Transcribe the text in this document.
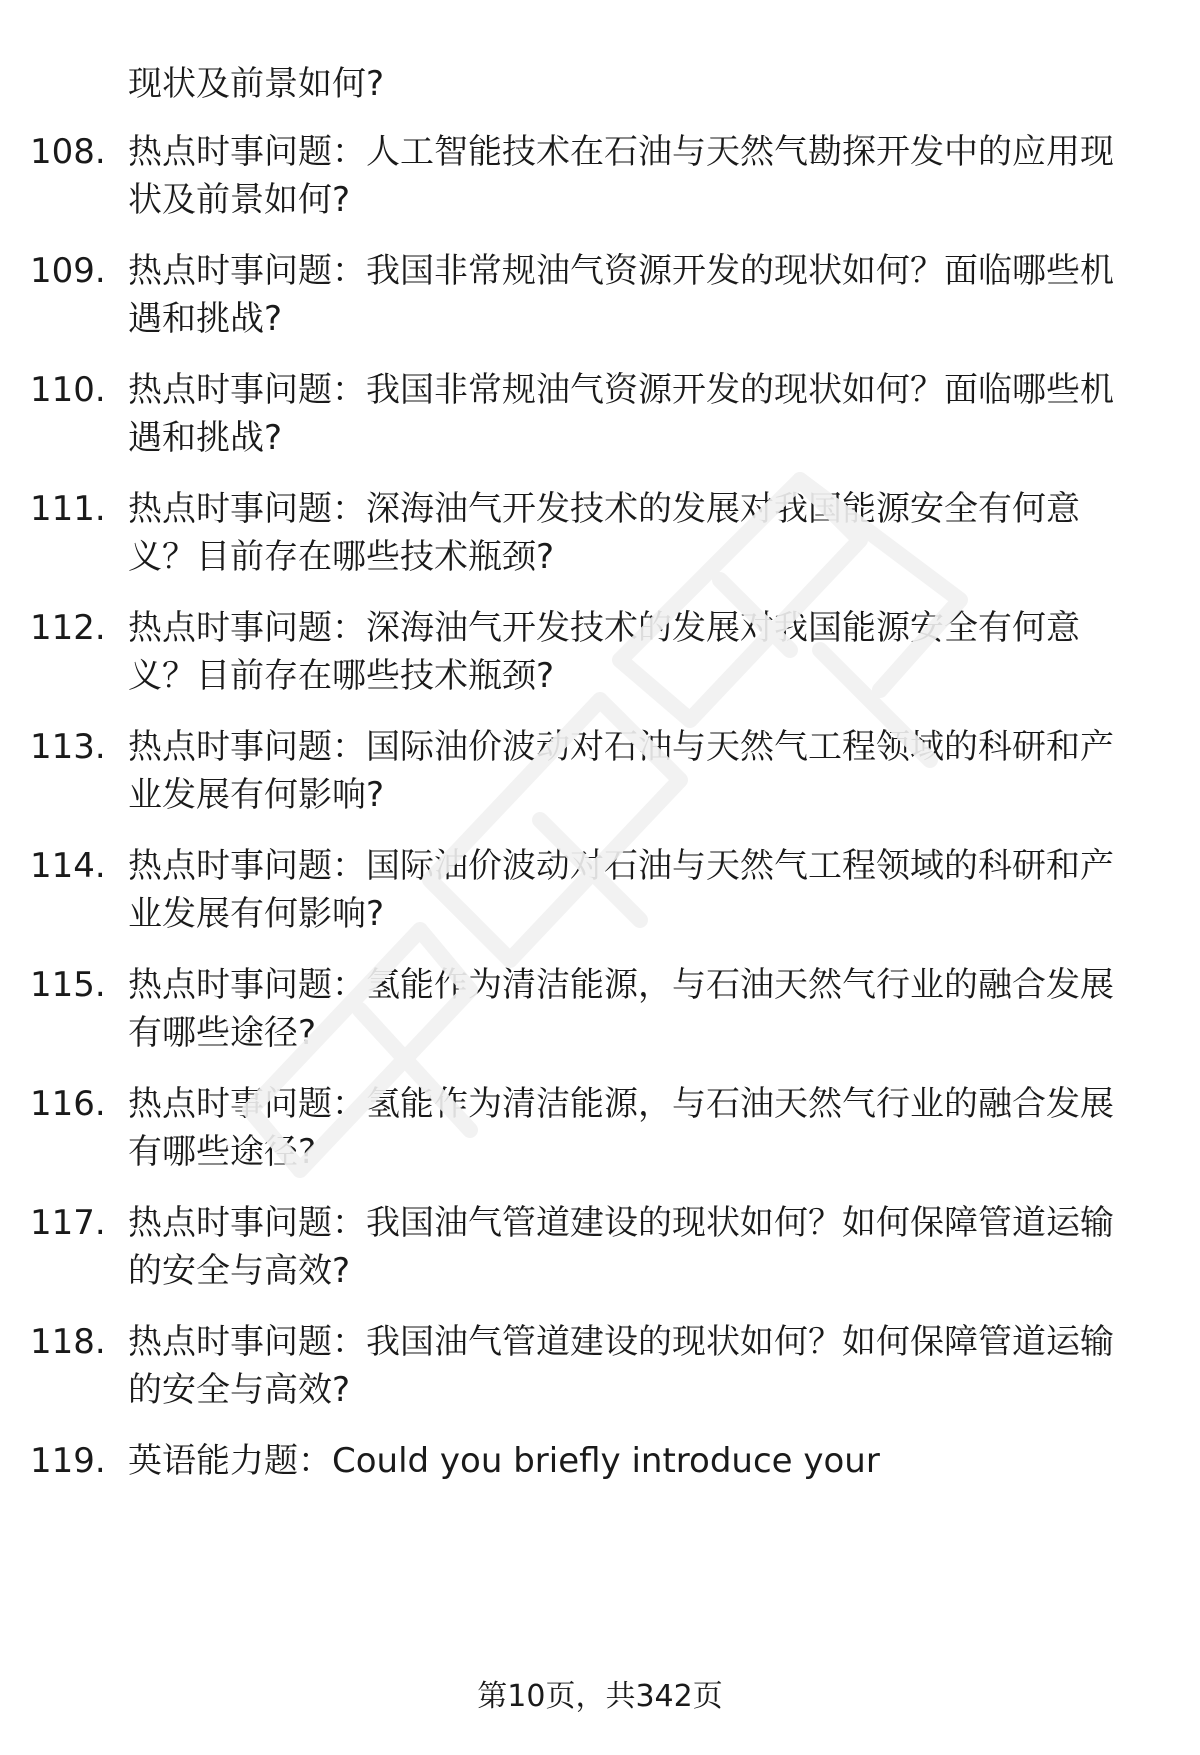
现状及前景如何?
108. 热点时事问题：人工智能技术在石油与天然气勘探开发中的应用现状及前景如何?
109. 热点时事问题：我国非常规油气资源开发的现状如何？面临哪些机遇和挑战?
110. 热点时事问题：我国非常规油气资源开发的现状如何？面临哪些机遇和挑战?
111. 热点时事问题：深海油气开发技术的发展对我国能源安全有何意义？目前存在哪些技术瓶颈?
112. 热点时事问题：深海油气开发技术的发展对我国能源安全有何意义？目前存在哪些技术瓶颈?
113. 热点时事问题：国际油价波动对石油与天然气工程领域的科研和产业发展有何影响?
114. 热点时事问题：国际油价波动对石油与天然气工程领域的科研和产业发展有何影响?
115. 热点时事问题：氢能作为清洁能源，与石油天然气行业的融合发展有哪些途径?
116. 热点时事问题：氢能作为清洁能源，与石油天然气行业的融合发展有哪些途径?
117. 热点时事问题：我国油气管道建设的现状如何？如何保障管道运输的安全与高效?
118. 热点时事问题：我国油气管道建设的现状如何？如何保障管道运输的安全与高效?
119. 英语能力题：Could you briefly introduce your
第10页，共342页
